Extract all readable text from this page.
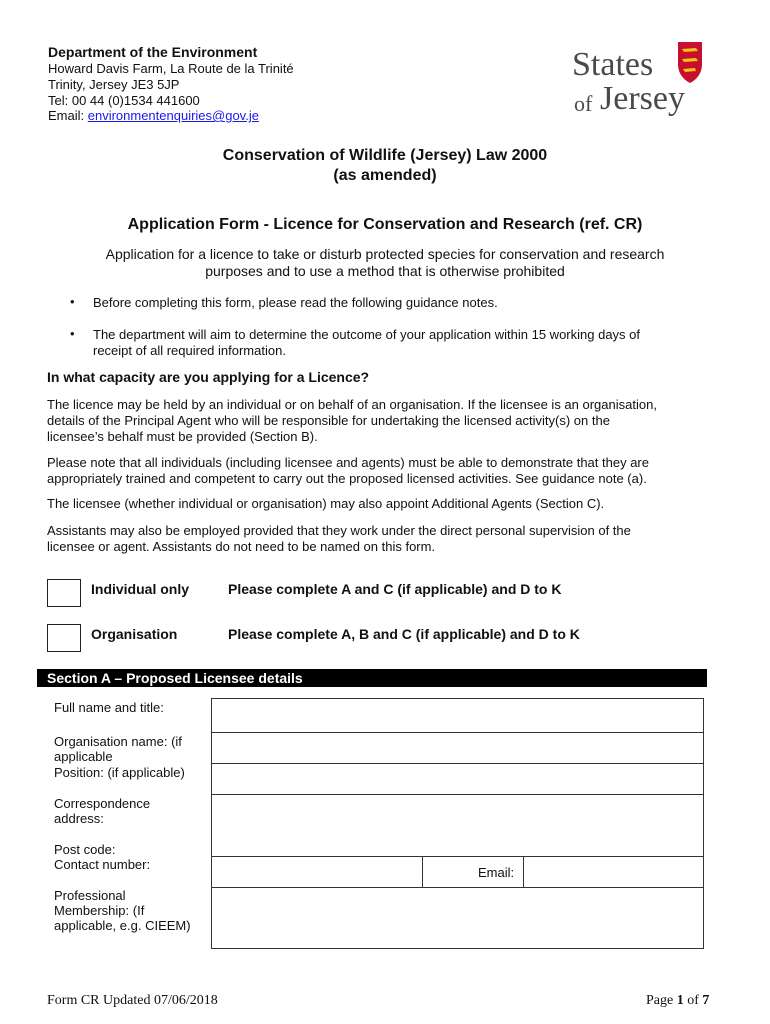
Department of the Environment
Howard Davis Farm, La Route de la Trinité
Trinity, Jersey JE3 5JP
Tel: 00 44 (0)1534 441600
Email: environmentenquiries@gov.je
States
of Jersey
Conservation of Wildlife (Jersey) Law 2000
(as amended)
Application Form - Licence for Conservation and Research (ref. CR)
Application for a licence to take or disturb protected species for conservation and research
purposes and to use a method that is otherwise prohibited
• Before completing this form, please read the following guidance notes.
• The department will aim to determine the outcome of your application within 15 working days of
receipt of all required information.
In what capacity are you applying for a Licence?
The licence may be held by an individual or on behalf of an organisation. If the licensee is an organisation,
details of the Principal Agent who will be responsible for undertaking the licensed activity(s) on the
licensee’s behalf must be provided (Section B).
Please note that all individuals (including licensee and agents) must be able to demonstrate that they are
appropriately trained and competent to carry out the proposed licensed activities. See guidance note (a).
The licensee (whether individual or organisation) may also appoint Additional Agents (Section C).
Assistants may also be employed provided that they work under the direct personal supervision of the
licensee or agent. Assistants do not need to be named on this form.
Individual only	Please complete A and C (if applicable) and D to K
Organisation	Please complete A, B and C (if applicable) and D to K
Section A – Proposed Licensee details
Full name and title:
Organisation name: (if
applicable
Position: (if applicable)
Correspondence
address:
Post code:
Contact number:
Email:
Professional
Membership: (If
applicable, e.g. CIEEM)
Form CR Updated 07/06/2018	Page 1 of 7
